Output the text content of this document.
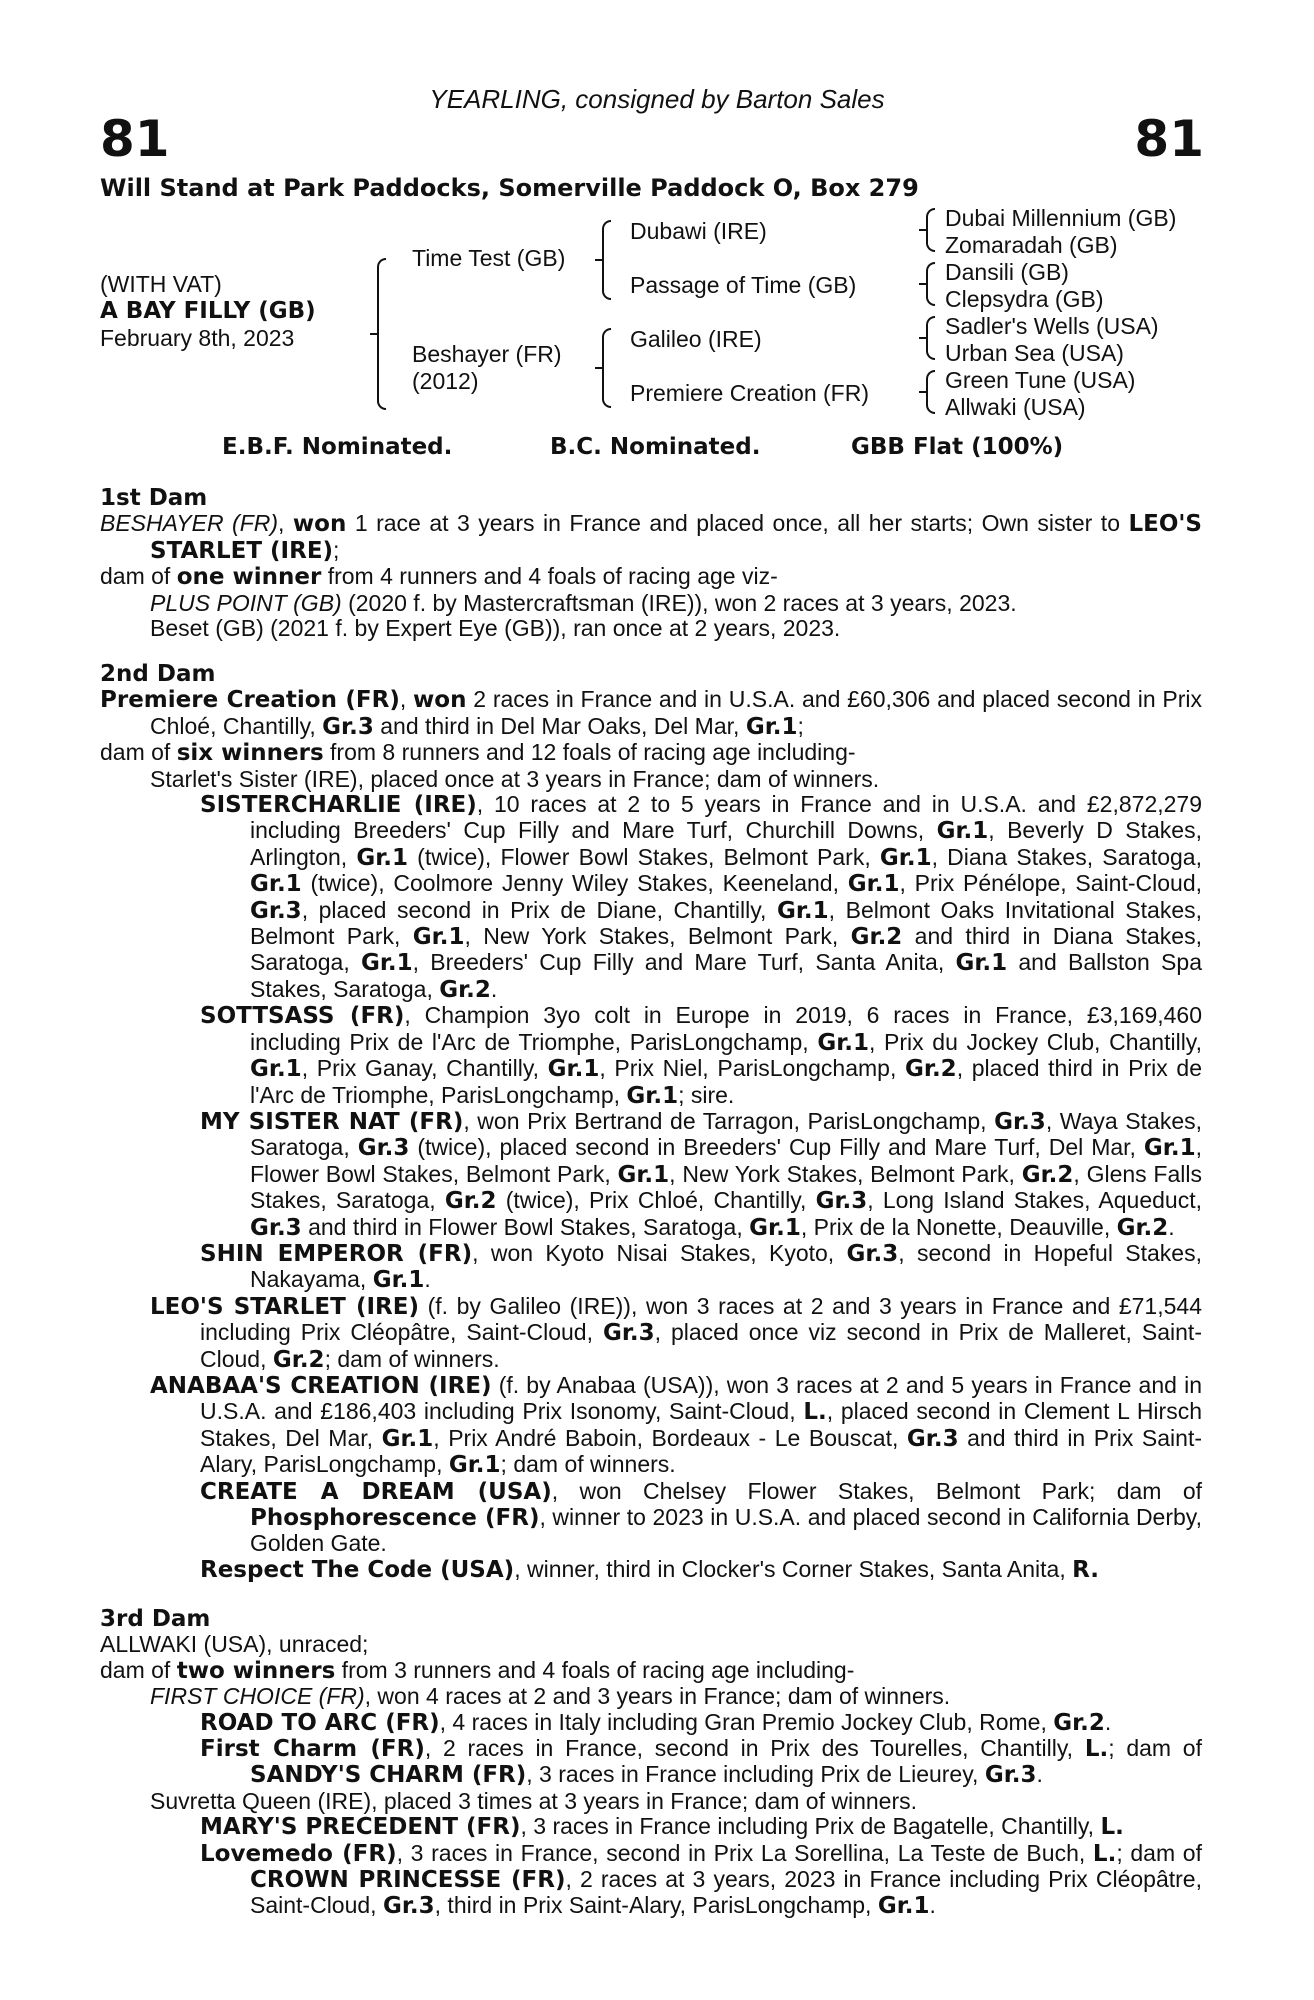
YEARLING, consigned by Barton Sales
81	81
Will Stand at Park Paddocks, Somerville Paddock O, Box 279
(WITH VAT)
A BAY FILLY (GB)
February 8th, 2023
Time Test (GB)
Beshayer (FR)
(2012)
Dubawi (IRE)
Passage of Time (GB)
Galileo (IRE)
Premiere Creation (FR)
Dubai Millennium (GB)
Zomaradah (GB)
Dansili (GB)
Clepsydra (GB)
Sadler's Wells (USA)
Urban Sea (USA)
Green Tune (USA)
Allwaki (USA)
E.B.F. Nominated.	B.C. Nominated.	GBB Flat (100%)

1st Dam

BESHAYER (FR), won 1 race at 3 years in France and placed once, all her starts; Own sister to LEO'S STARLET (IRE);

dam of one winner from 4 runners and 4 foals of racing age viz-

PLUS POINT (GB) (2020 f. by Mastercraftsman (IRE)), won 2 races at 3 years, 2023.

Beset (GB) (2021 f. by Expert Eye (GB)), ran once at 2 years, 2023.

2nd Dam

Premiere Creation (FR), won 2 races in France and in U.S.A. and £60,306 and placed second in Prix Chloé, Chantilly, Gr.3 and third in Del Mar Oaks, Del Mar, Gr.1;

dam of six winners from 8 runners and 12 foals of racing age including-

Starlet's Sister (IRE), placed once at 3 years in France; dam of winners.

SISTERCHARLIE (IRE), 10 races at 2 to 5 years in France and in U.S.A. and £2,872,279 including Breeders' Cup Filly and Mare Turf, Churchill Downs, Gr.1, Beverly D Stakes, Arlington, Gr.1 (twice), Flower Bowl Stakes, Belmont Park, Gr.1, Diana Stakes, Saratoga, Gr.1 (twice), Coolmore Jenny Wiley Stakes, Keeneland, Gr.1, Prix Pénélope, Saint-Cloud, Gr.3, placed second in Prix de Diane, Chantilly, Gr.1, Belmont Oaks Invitational Stakes, Belmont Park, Gr.1, New York Stakes, Belmont Park, Gr.2 and third in Diana Stakes, Saratoga, Gr.1, Breeders' Cup Filly and Mare Turf, Santa Anita, Gr.1 and Ballston Spa Stakes, Saratoga, Gr.2.

SOTTSASS (FR), Champion 3yo colt in Europe in 2019, 6 races in France, £3,169,460 including Prix de l'Arc de Triomphe, ParisLongchamp, Gr.1, Prix du Jockey Club, Chantilly, Gr.1, Prix Ganay, Chantilly, Gr.1, Prix Niel, ParisLongchamp, Gr.2, placed third in Prix de l'Arc de Triomphe, ParisLongchamp, Gr.1; sire.

MY SISTER NAT (FR), won Prix Bertrand de Tarragon, ParisLongchamp, Gr.3, Waya Stakes, Saratoga, Gr.3 (twice), placed second in Breeders' Cup Filly and Mare Turf, Del Mar, Gr.1, Flower Bowl Stakes, Belmont Park, Gr.1, New York Stakes, Belmont Park, Gr.2, Glens Falls Stakes, Saratoga, Gr.2 (twice), Prix Chloé, Chantilly, Gr.3, Long Island Stakes, Aqueduct, Gr.3 and third in Flower Bowl Stakes, Saratoga, Gr.1, Prix de la Nonette, Deauville, Gr.2.

SHIN EMPEROR (FR), won Kyoto Nisai Stakes, Kyoto, Gr.3, second in Hopeful Stakes, Nakayama, Gr.1.

LEO'S STARLET (IRE) (f. by Galileo (IRE)), won 3 races at 2 and 3 years in France and £71,544 including Prix Cléopâtre, Saint-Cloud, Gr.3, placed once viz second in Prix de Malleret, Saint-Cloud, Gr.2; dam of winners.

ANABAA'S CREATION (IRE) (f. by Anabaa (USA)), won 3 races at 2 and 5 years in France and in U.S.A. and £186,403 including Prix Isonomy, Saint-Cloud, L., placed second in Clement L Hirsch Stakes, Del Mar, Gr.1, Prix André Baboin, Bordeaux - Le Bouscat, Gr.3 and third in Prix Saint-Alary, ParisLongchamp, Gr.1; dam of winners.

CREATE A DREAM (USA), won Chelsey Flower Stakes, Belmont Park; dam of Phosphorescence (FR), winner to 2023 in U.S.A. and placed second in California Derby, Golden Gate.

Respect The Code (USA), winner, third in Clocker's Corner Stakes, Santa Anita, R.

3rd Dam

ALLWAKI (USA), unraced;

dam of two winners from 3 runners and 4 foals of racing age including-

FIRST CHOICE (FR), won 4 races at 2 and 3 years in France; dam of winners.

ROAD TO ARC (FR), 4 races in Italy including Gran Premio Jockey Club, Rome, Gr.2.

First Charm (FR), 2 races in France, second in Prix des Tourelles, Chantilly, L.; dam of SANDY'S CHARM (FR), 3 races in France including Prix de Lieurey, Gr.3.

Suvretta Queen (IRE), placed 3 times at 3 years in France; dam of winners.

MARY'S PRECEDENT (FR), 3 races in France including Prix de Bagatelle, Chantilly, L.

Lovemedo (FR), 3 races in France, second in Prix La Sorellina, La Teste de Buch, L.; dam of CROWN PRINCESSE (FR), 2 races at 3 years, 2023 in France including Prix Cléopâtre, Saint-Cloud, Gr.3, third in Prix Saint-Alary, ParisLongchamp, Gr.1.
